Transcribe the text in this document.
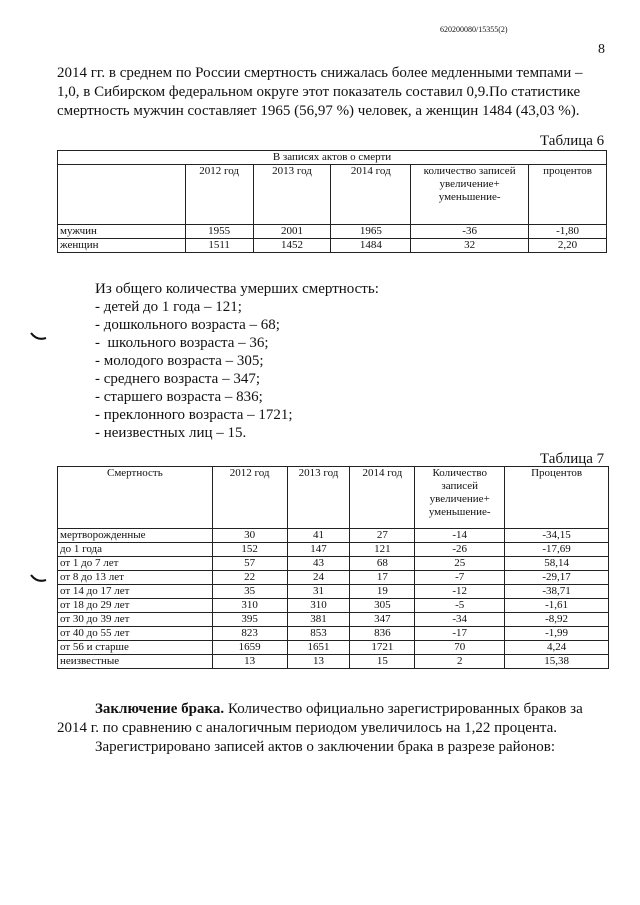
620200080/15355(2)
8

2014 гг. в среднем по России смертность снижалась более медленными темпами –

1,0, в Сибирском федеральном округе этот показатель составил 0,9.По статистике

смертность мужчин составляет 1965 (56,97 %) человек, а женщин 1484 (43,03 %).

Таблица 6
В записях актов о смерти					
	2012 год	2013 год	2014 год	количество записей увеличение+ уменьшение-	процентов
мужчин	1955	2001	1965	-36	-1,80
женщин	1511	1452	1484	32	2,20
Из общего количества умерших смертность:
- детей до 1 года – 121;
- дошкольного возраста – 68;
-  школьного возраста – 36;
- молодого возраста – 305;
- среднего возраста – 347;
- старшего возраста – 836;
- преклонного возраста – 1721;
- неизвестных лиц – 15.
Таблица 7
Смертность	2012 год	2013 год	2014 год	Количество записей увеличение+ уменьшение-	Процентов
мертворожденные	30	41	27	-14	-34,15
до 1 года	152	147	121	-26	-17,69
от 1 до 7 лет	57	43	68	25	58,14
от 8 до 13 лет	22	24	17	-7	-29,17
от 14 до 17 лет	35	31	19	-12	-38,71
от 18 до 29 лет	310	310	305	-5	-1,61
от 30 до 39 лет	395	381	347	-34	-8,92
от 40 до 55 лет	823	853	836	-17	-1,99
от 56 и старше	1659	1651	1721	70	4,24
неизвестные	13	13	15	2	15,38

Заключение брака. Количество официально зарегистрированных браков за

2014 г. по сравнению с аналогичным периодом увеличилось на 1,22 процента.

Зарегистрировано записей актов о заключении брака в разрезе районов:
